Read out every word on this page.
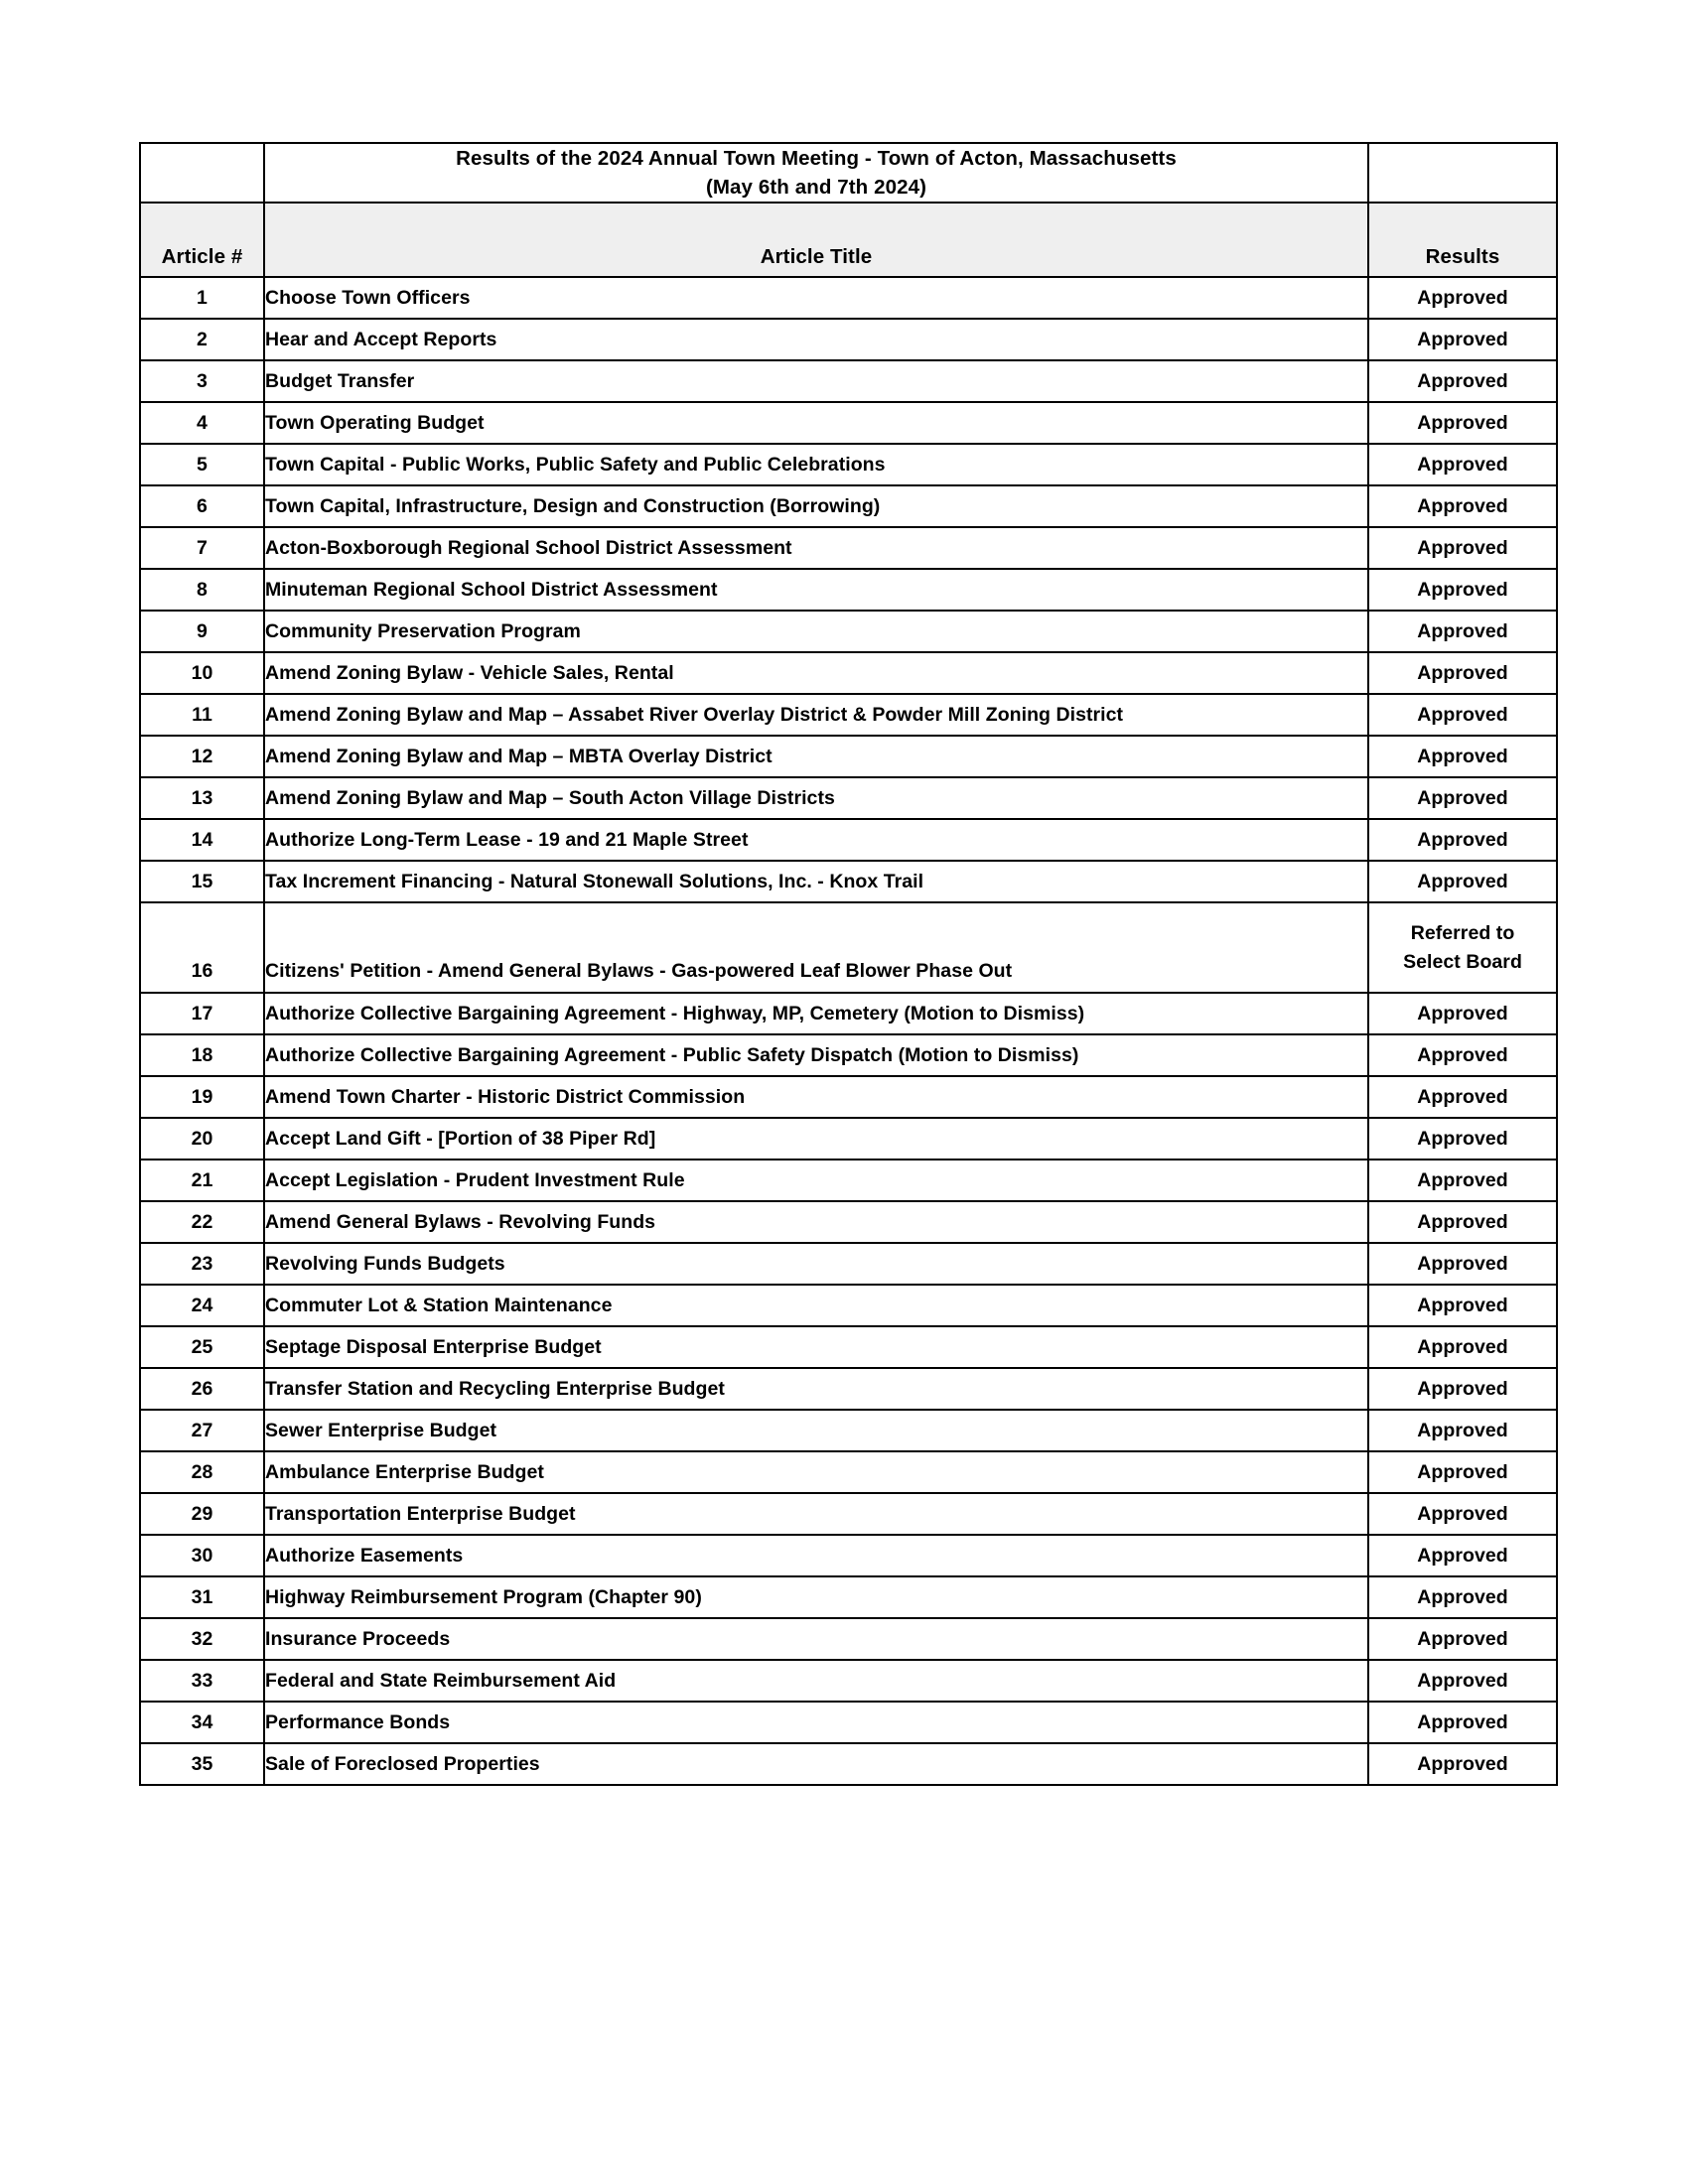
	Results of the 2024 Annual Town Meeting - Town of Acton, Massachusetts
(May 6th and 7th 2024)	

Article #	Article Title	Results
1	Choose Town Officers	Approved
2	Hear and Accept Reports	Approved
3	Budget Transfer	Approved
4	Town Operating Budget	Approved
5	Town Capital - Public Works, Public Safety and Public Celebrations	Approved
6	Town Capital, Infrastructure, Design and Construction (Borrowing)	Approved
7	Acton-Boxborough Regional School District Assessment	Approved
8	Minuteman Regional School District Assessment	Approved
9	Community Preservation Program	Approved
10	Amend Zoning Bylaw - Vehicle Sales, Rental	Approved
11	Amend Zoning Bylaw and Map – Assabet River Overlay District & Powder Mill Zoning District	Approved
12	Amend Zoning Bylaw and Map – MBTA Overlay District	Approved
13	Amend Zoning Bylaw and Map – South Acton Village Districts	Approved
14	Authorize Long-Term Lease - 19 and 21 Maple Street	Approved
15	Tax Increment Financing - Natural Stonewall Solutions, Inc. - Knox Trail	Approved
16	Citizens' Petition - Amend General Bylaws - Gas-powered Leaf Blower Phase Out	Referred to
Select Board

17	Authorize Collective Bargaining Agreement - Highway, MP, Cemetery (Motion to Dismiss)	Approved
18	Authorize Collective Bargaining Agreement - Public Safety Dispatch (Motion to Dismiss)	Approved
19	Amend Town Charter - Historic District Commission	Approved
20	Accept Land Gift - [Portion of 38 Piper Rd]	Approved
21	Accept Legislation - Prudent Investment Rule	Approved
22	Amend General Bylaws - Revolving Funds	Approved
23	Revolving Funds Budgets	Approved
24	Commuter Lot & Station Maintenance	Approved
25	Septage Disposal Enterprise Budget	Approved
26	Transfer Station and Recycling Enterprise Budget	Approved
27	Sewer Enterprise Budget	Approved
28	Ambulance Enterprise Budget	Approved
29	Transportation Enterprise Budget	Approved
30	Authorize Easements	Approved
31	Highway Reimbursement Program (Chapter 90)	Approved
32	Insurance Proceeds	Approved
33	Federal and State Reimbursement Aid	Approved
34	Performance Bonds	Approved
35	Sale of Foreclosed Properties	Approved
